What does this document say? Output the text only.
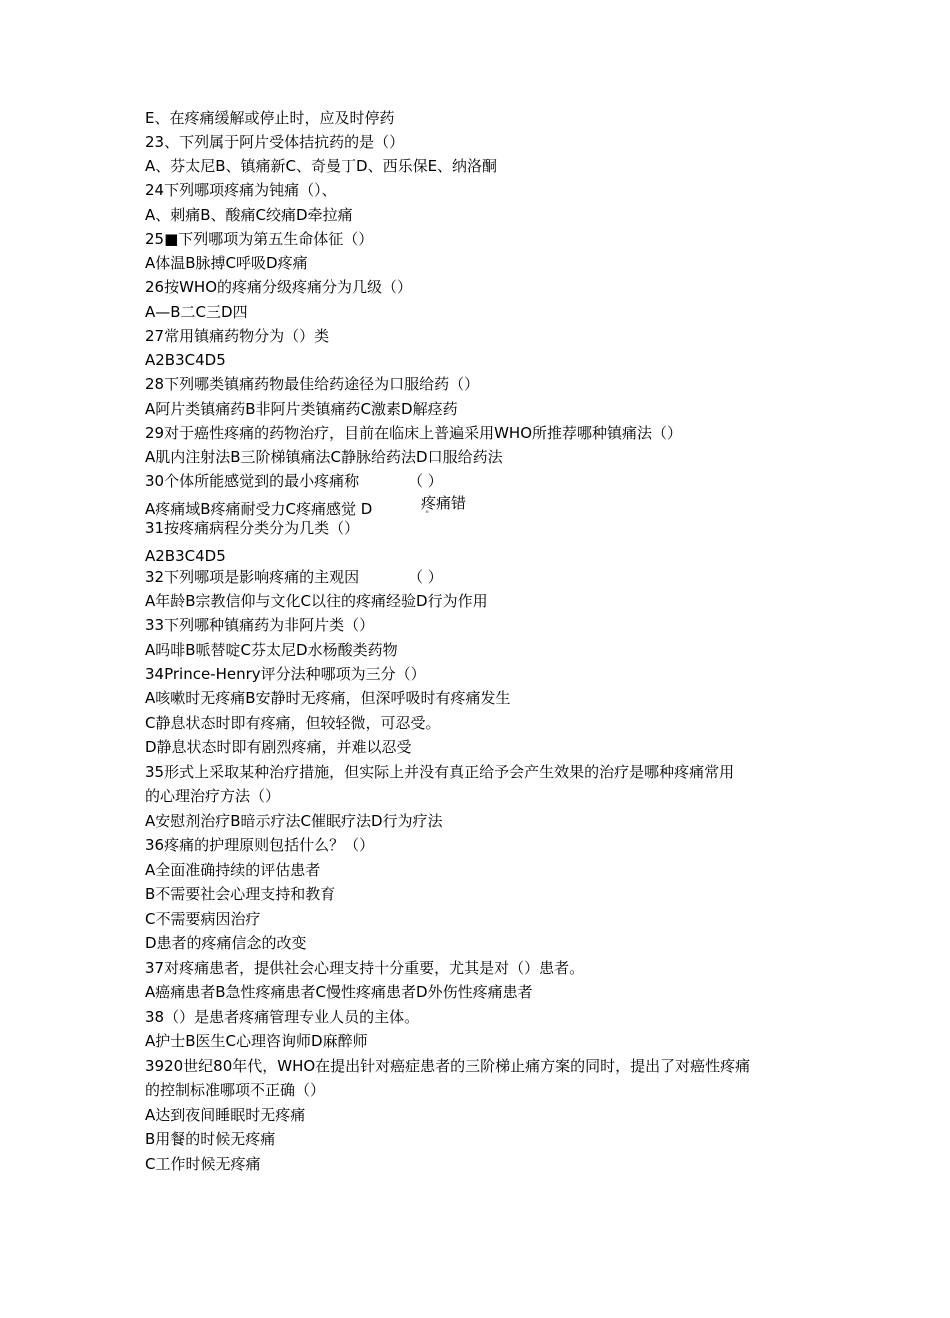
E、在疼痛缓解或停止时，应及时停药
23、下列属于阿片受体拮抗药的是（）
A、芬太尼B、镇痛新C、奇曼丁D、西乐保E、纳洛酮
24下列哪项疼痛为钝痛（）、
A、刺痛B、酸痛C绞痛D牵拉痛
25■下列哪项为第五生命体征（）
A体温B脉搏C呼吸D疼痛
26按WHO的疼痛分级疼痛分为几级（）
A—B二C三D四
27常用镇痛药物分为（）类
A2B3C4D5
28下列哪类镇痛药物最佳给药途径为口服给药（）
A阿片类镇痛药B非阿片类镇痛药C激素D解痉药
29对于癌性疼痛的药物治疗，目前在临床上普遍采用WHO所推荐哪种镇痛法（）
A肌内注射法B三阶梯镇痛法C静脉给药法D口服给药法
30个体所能感觉到的最小疼痛称	（ ）
A疼痛域B疼痛耐受力C疼痛感觉 D	疼痛错
"
31按疼痛病程分类分为几类（）
A2B3C4D5
32下列哪项是影响疼痛的主观因	（ ）
A年龄B宗教信仰与文化C以往的疼痛经验D行为作用
33下列哪种镇痛药为非阿片类（）
A吗啡B哌替啶C芬太尼D水杨酸类药物
34Prince-Henry评分法种哪项为三分（）
A咳嗽时无疼痛B安静时无疼痛，但深呼吸时有疼痛发生
C静息状态时即有疼痛，但较轻微，可忍受。
D静息状态时即有剧烈疼痛，并难以忍受
35形式上采取某种治疗措施，但实际上并没有真正给予会产生效果的治疗是哪种疼痛常用
的心理治疗方法（）
A安慰剂治疗B暗示疗法C催眠疗法D行为疗法
36疼痛的护理原则包括什么？（）
A全面准确持续的评估患者
B不需要社会心理支持和教育
C不需要病因治疗
D患者的疼痛信念的改变
37对疼痛患者，提供社会心理支持十分重要，尤其是对（）患者。
A癌痛患者B急性疼痛患者C慢性疼痛患者D外伤性疼痛患者
38（）是患者疼痛管理专业人员的主体。
A护士B医生C心理咨询师D麻醉师
3920世纪80年代，WHO在提出针对癌症患者的三阶梯止痛方案的同时，提出了对癌性疼痛
的控制标准哪项不正确（）
A达到夜间睡眠时无疼痛
B用餐的时候无疼痛
C工作时候无疼痛
